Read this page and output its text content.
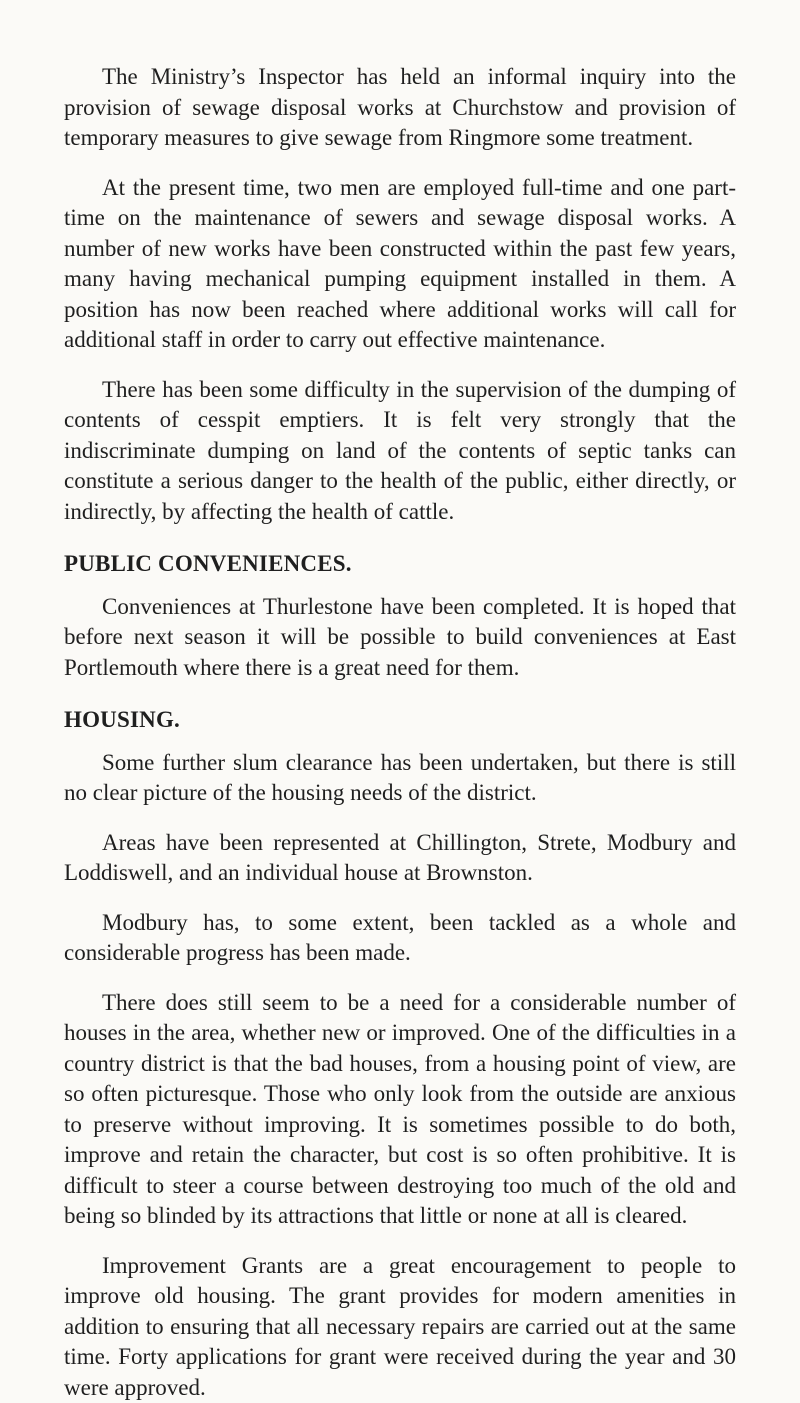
The Ministry’s Inspector has held an informal inquiry into the provision of sewage disposal works at Churchstow and provision of temporary measures to give sewage from Ringmore some treatment.

At the present time, two men are employed full-time and one part-time on the maintenance of sewers and sewage disposal works. A number of new works have been constructed within the past few years, many having mechanical pumping equipment installed in them. A position has now been reached where additional works will call for additional staff in order to carry out effective maintenance.

There has been some difficulty in the supervision of the dumping of contents of cesspit emptiers. It is felt very strongly that the indiscriminate dumping on land of the contents of septic tanks can constitute a serious danger to the health of the public, either directly, or indirectly, by affecting the health of cattle.

PUBLIC CONVENIENCES.

Conveniences at Thurlestone have been completed. It is hoped that before next season it will be possible to build conveniences at East Portlemouth where there is a great need for them.

HOUSING.

Some further slum clearance has been undertaken, but there is still no clear picture of the housing needs of the district.

Areas have been represented at Chillington, Strete, Modbury and Loddiswell, and an individual house at Brownston.

Modbury has, to some extent, been tackled as a whole and considerable progress has been made.

There does still seem to be a need for a considerable number of houses in the area, whether new or improved. One of the difficulties in a country district is that the bad houses, from a housing point of view, are so often picturesque. Those who only look from the outside are anxious to preserve without improving. It is sometimes possible to do both, improve and retain the character, but cost is so often prohibitive. It is difficult to steer a course between destroying too much of the old and being so blinded by its attractions that little or none at all is cleared.

Improvement Grants are a great encouragement to people to improve old housing. The grant provides for modern amenities in addition to ensuring that all necessary repairs are carried out at the same time. Forty applications for grant were received during the year and 30 were approved.
